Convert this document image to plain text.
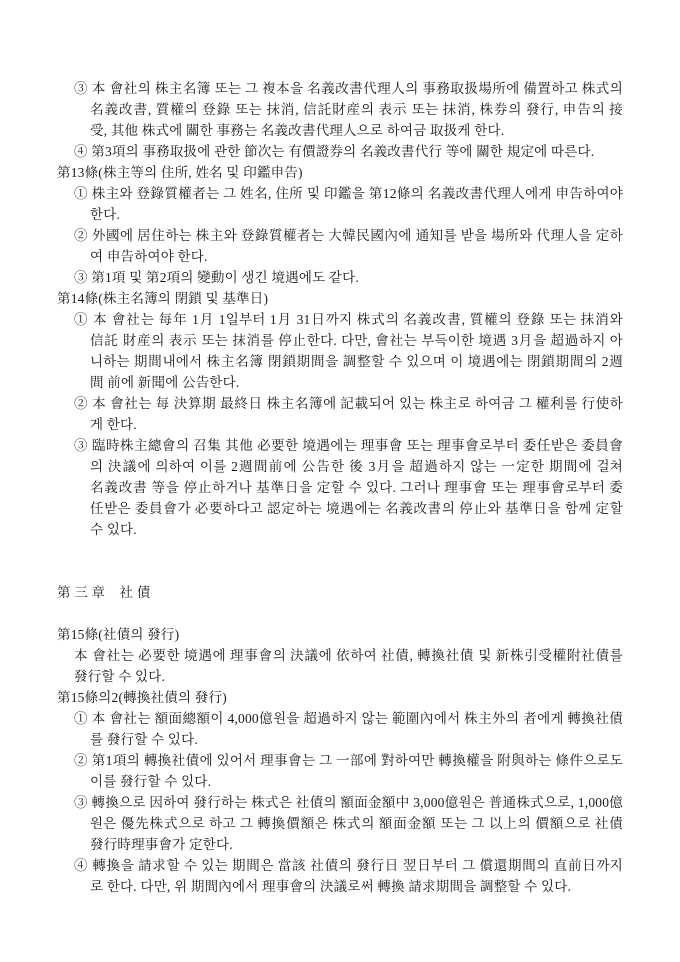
③ 本 會社의 株主名簿 또는 그 複本을 名義改書代理人의 事務取扱場所에 備置하고 株式의
名義改書, 質權의 登錄 또는 抹消, 信託財産의 表示 또는 抹消, 株券의 發行, 申告의 接
受, 其他 株式에 關한 事務는 名義改書代理人으로 하여금 取扱케 한다.
④ 第3項의 事務取扱에 관한 節次는 有價證券의 名義改書代行 等에 關한 規定에 따른다.
第13條(株主等의 住所, 姓名 및 印鑑申告)
① 株主와 登錄質權者는 그 姓名, 住所 및 印鑑을 第12條의 名義改書代理人에게 申告하여야
한다.
② 外國에 居住하는 株主와 登錄質權者는 大韓民國內에 通知를 받을 場所와 代理人을 定하
여 申告하여야 한다.
③ 第1項 및 第2項의 變動이 생긴 境遇에도 같다.
第14條(株主名簿의 閉鎖 및 基準日)
① 本 會社는 每年 1月 1일부터 1月 31日까지 株式의 名義改書, 質權의 登錄 또는 抹消와
信託 財産의 表示 또는 抹消를 停止한다. 다만, 會社는 부득이한 境遇 3月을 超過하지 아
니하는 期間내에서 株主名簿 閉鎖期間을 調整할 수 있으며 이 境遇에는 閉鎖期間의 2週
間 前에 新聞에 公告한다.
② 本 會社는 每 決算期 最終日 株主名簿에 記載되어 있는 株主로 하여금 그 權利를 行使하
게 한다.
③ 臨時株主總會의 召集 其他 必要한 境遇에는 理事會 또는 理事會로부터 委任받은 委員會
의 決議에 의하여 이를 2週間前에 公告한 後 3月을 超過하지 않는 一定한 期間에 걸쳐
名義改書 等을 停止하거나 基準日을 定할 수 있다. 그러나 理事會 또는 理事會로부터 委
任받은 委員會가 必要하다고 認定하는 境遇에는 名義改書의 停止와 基準日을 함께 定할
수 있다.
第 三 章    社 債
第15條(社債의 發行)
本 會社는 必要한 境遇에 理事會의 決議에 依하여 社債, 轉換社債 및 新株引受權附社債를
發行할 수 있다.
第15條의2(轉換社債의 發行)
① 本 會社는 額面總額이 4,000億원을 超過하지 않는 範圍內에서 株主外의 者에게 轉換社債
를 發行할 수 있다.
② 第1項의 轉換社債에 있어서 理事會는 그 一部에 對하여만 轉換權을 附與하는 條件으로도
이를 發行할 수 있다.
③ 轉換으로 因하여 發行하는 株式은 社債의 額面金額中 3,000億원은 普通株式으로, 1,000億
원은 優先株式으로 하고 그 轉換價額은 株式의 額面金額 또는 그 以上의 價額으로 社債
發行時理事會가 定한다.
④ 轉換을 請求할 수 있는 期間은 當該 社債의 發行日 翌日부터 그 償還期間의 直前日까지
로 한다. 다만, 위 期間內에서 理事會의 決議로써 轉換 請求期間을 調整할 수 있다.
